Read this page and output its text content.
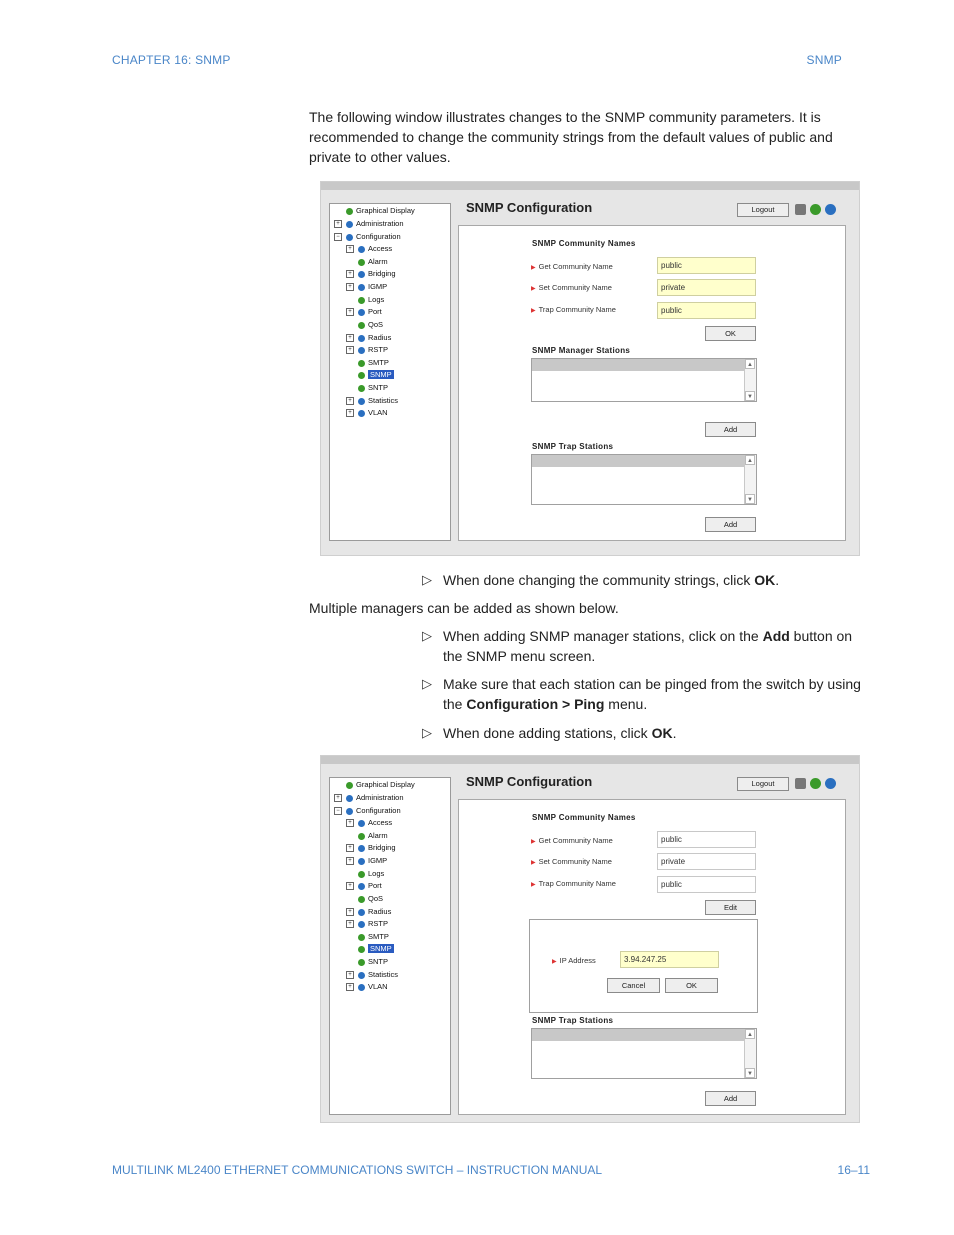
CHAPTER 16: SNMP	SNMP
The following window illustrates changes to the SNMP community parameters. It is recommended to change the community strings from the default values of public and private to other values.
Graphical Display
+ Administration
− Configuration
+ Access
Alarm
+ Bridging
+ IGMP
Logs
+ Port
QoS
+ Radius
+ RSTP
SMTP
SNMP
SNTP
+ Statistics
+ VLAN
SNMP Configuration	Logout
SNMP Community Names
▶ Get Community Name	public
▶ Set Community Name	private
▶ Trap Community Name	public
OK
SNMP Manager Stations
▲
▼
Add
SNMP Trap Stations
▲
▼
Add
▷ When done changing the community strings, click OK.
Multiple managers can be added as shown below.
▷ When adding SNMP manager stations, click on the Add button on the SNMP menu screen.
▷ Make sure that each station can be pinged from the switch by using the Configuration > Ping menu.
▷ When done adding stations, click OK.
Graphical Display
+ Administration
− Configuration
+ Access
Alarm
+ Bridging
+ IGMP
Logs
+ Port
QoS
+ Radius
+ RSTP
SMTP
SNMP
SNTP
+ Statistics
+ VLAN
SNMP Configuration	Logout
SNMP Community Names
▶ Get Community Name	public
▶ Set Community Name	private
▶ Trap Community Name	public
Edit
▶ IP Address	3.94.247.25
Cancel	OK
SNMP Trap Stations
▲
▼
Add
MULTILINK ML2400 ETHERNET COMMUNICATIONS SWITCH – INSTRUCTION MANUAL	16–11
